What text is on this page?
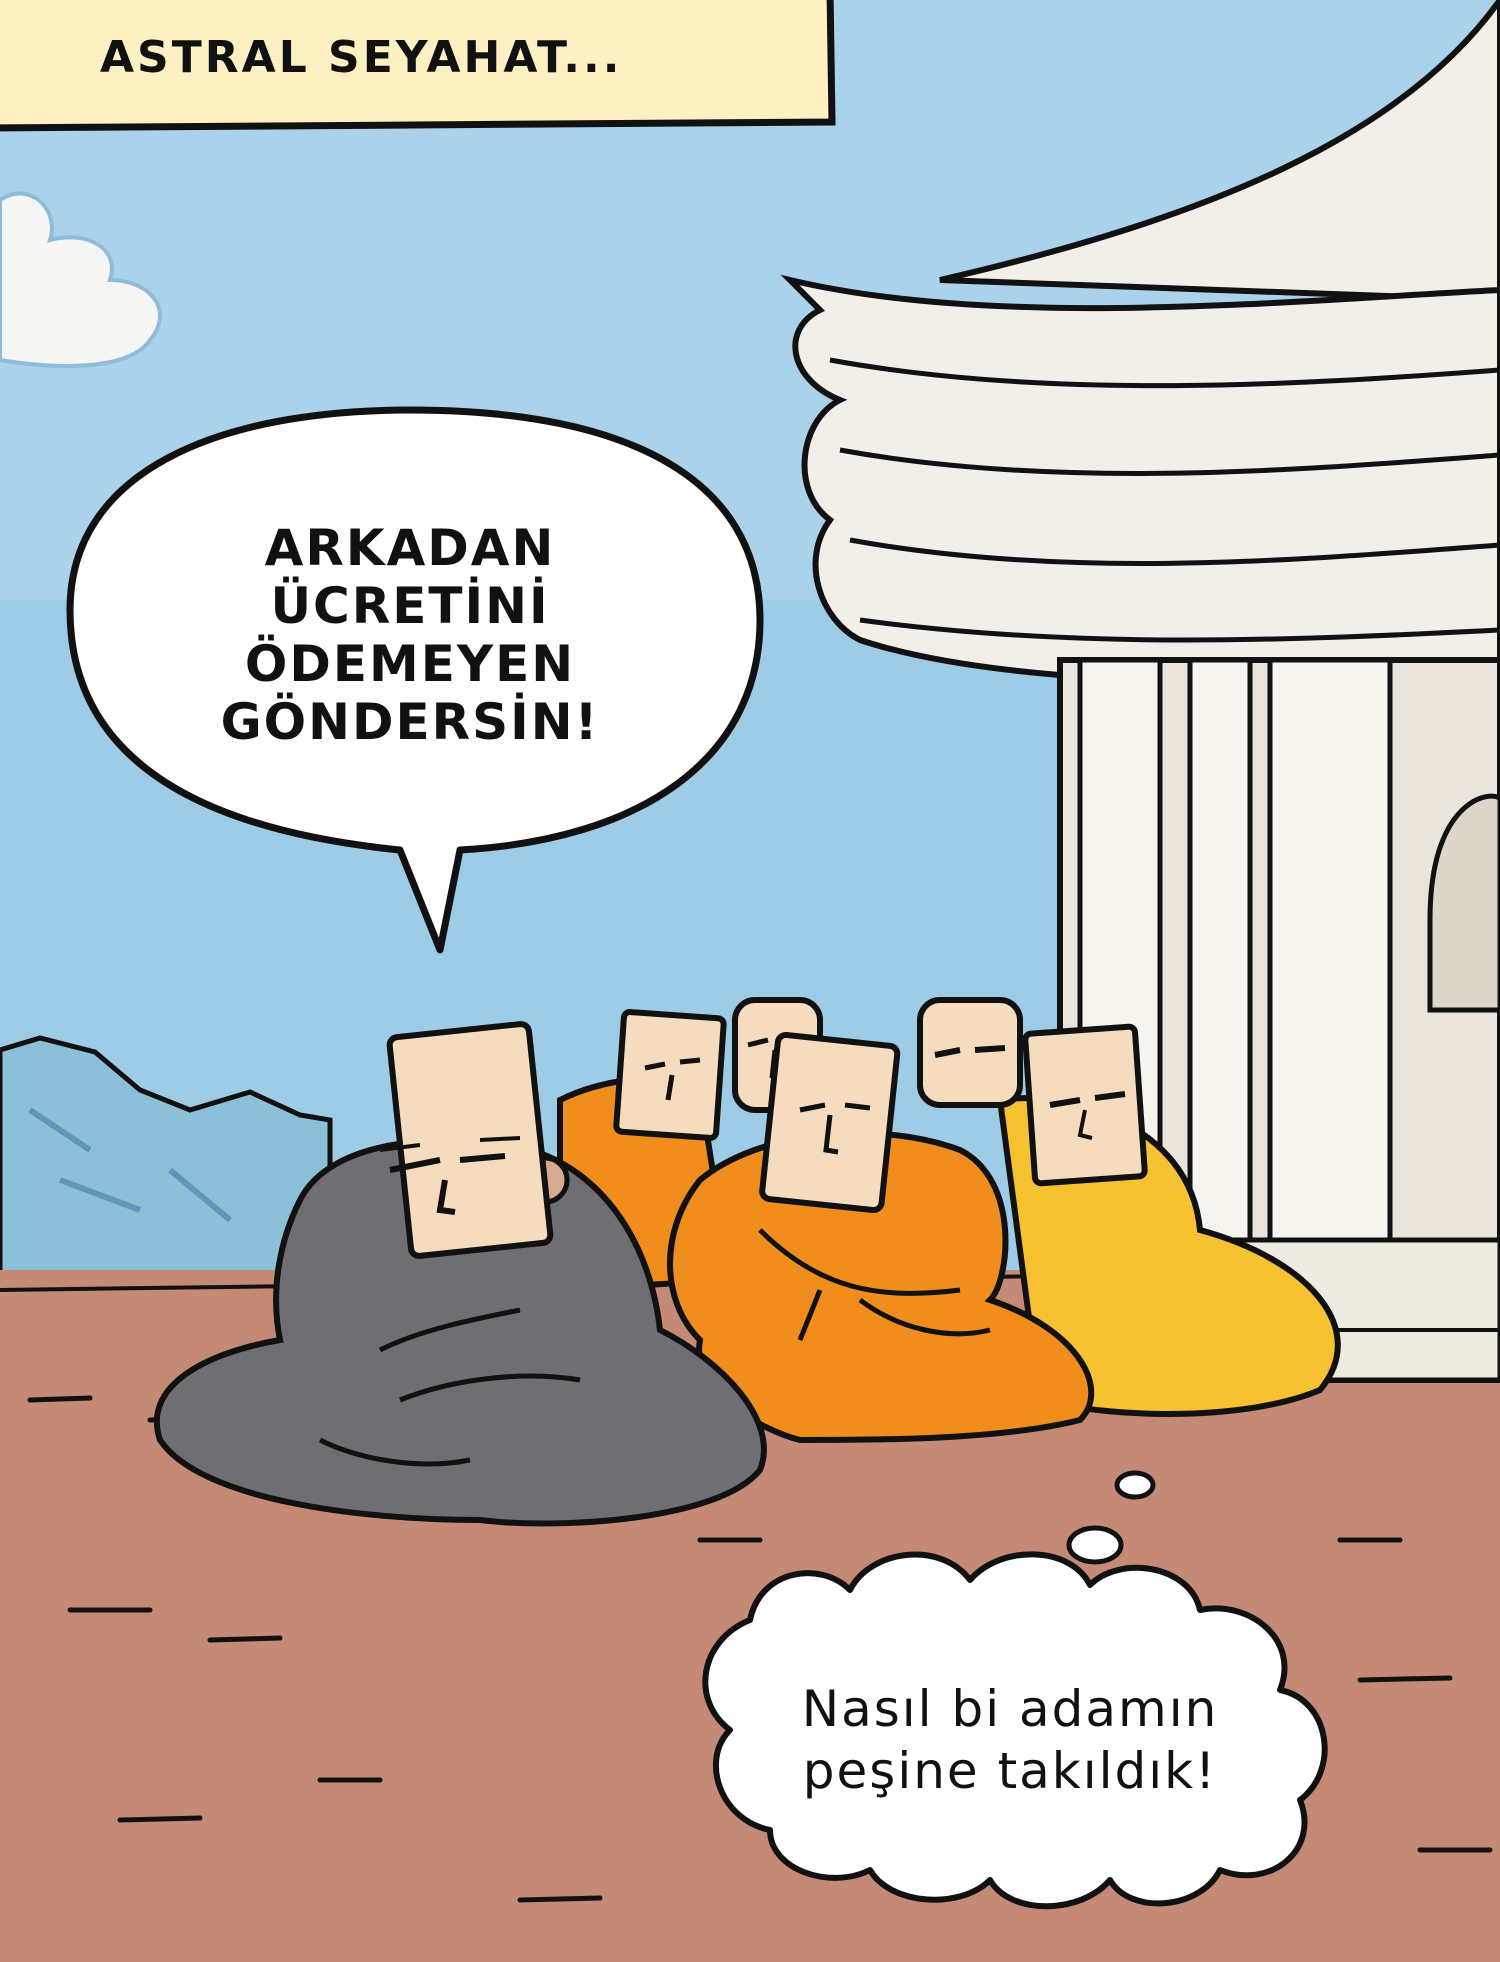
ASTRAL SEYAHAT...
ARKADAN
ÜCRETİNİ ÖDEMEYEN
GÖNDERSİN!
Nasıl bi adamın
peşine takıldık!
